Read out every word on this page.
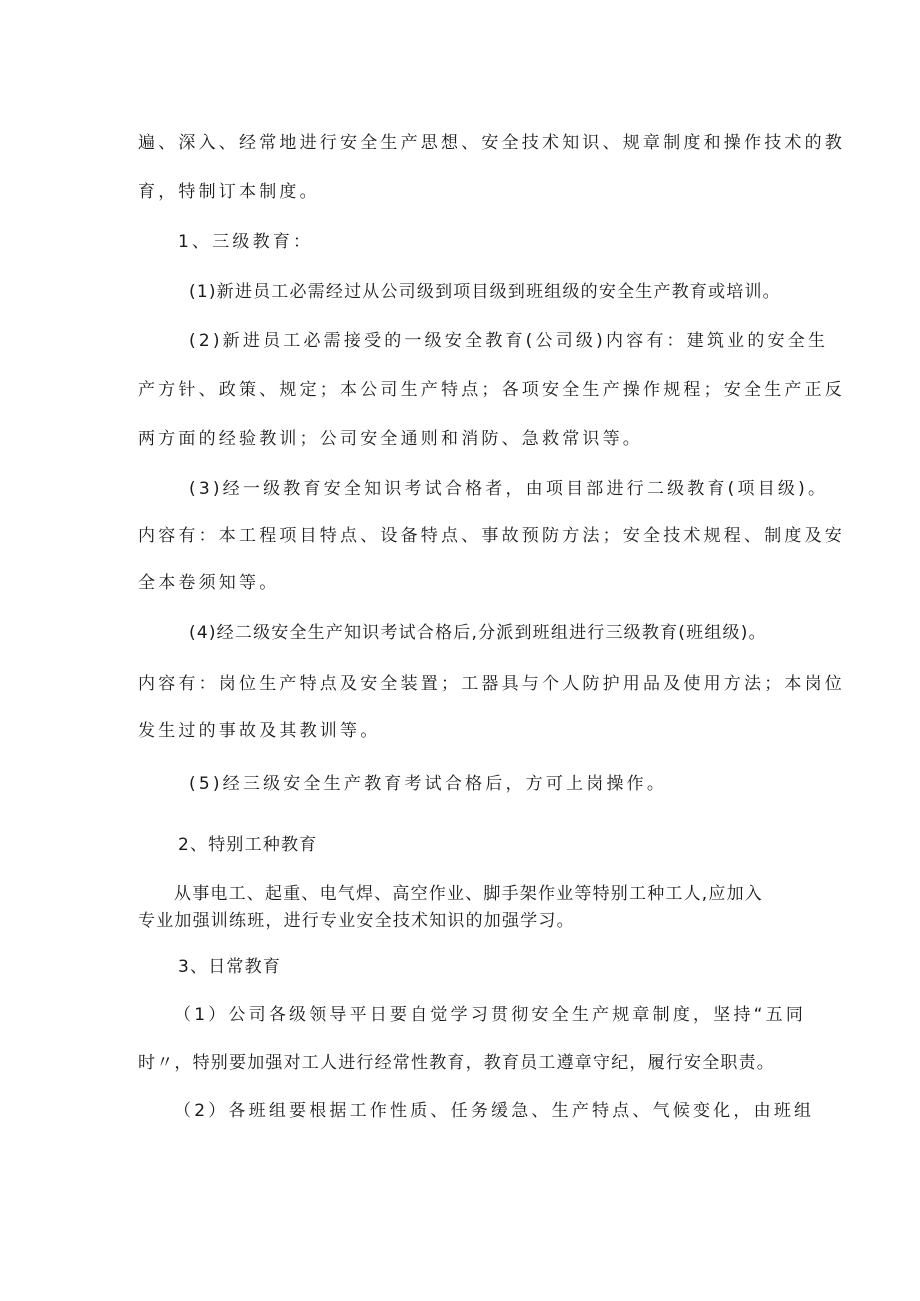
遍、深入、经常地进行安全生产思想、安全技术知识、规章制度和操作技术的教
育，特制订本制度。
1、三级教育：
(1)新进员工必需经过从公司级到项目级到班组级的安全生产教育或培训。
(2)新进员工必需接受的一级安全教育(公司级)内容有：建筑业的安全生
产方针、政策、规定；本公司生产特点；各项安全生产操作规程；安全生产正反
两方面的经验教训；公司安全通则和消防、急救常识等。
(3)经一级教育安全知识考试合格者，由项目部进行二级教育(项目级)。
内容有：本工程项目特点、设备特点、事故预防方法；安全技术规程、制度及安
全本卷须知等。
(4)经二级安全生产知识考试合格后,分派到班组进行三级教育(班组级)。
内容有：岗位生产特点及安全装置；工器具与个人防护用品及使用方法；本岗位
发生过的事故及其教训等。
(5)经三级安全生产教育考试合格后，方可上岗操作。
2、特别工种教育
从事电工、起重、电气焊、高空作业、脚手架作业等特别工种工人,应加入
专业加强训练班，进行专业安全技术知识的加强学习。
3、日常教育
（1）公司各级领导平日要自觉学习贯彻安全生产规章制度，坚持“五同
时〃，特别要加强对工人进行经常性教育，教育员工遵章守纪，履行安全职责。
（2）各班组要根据工作性质、任务缓急、生产特点、气候变化，由班组
